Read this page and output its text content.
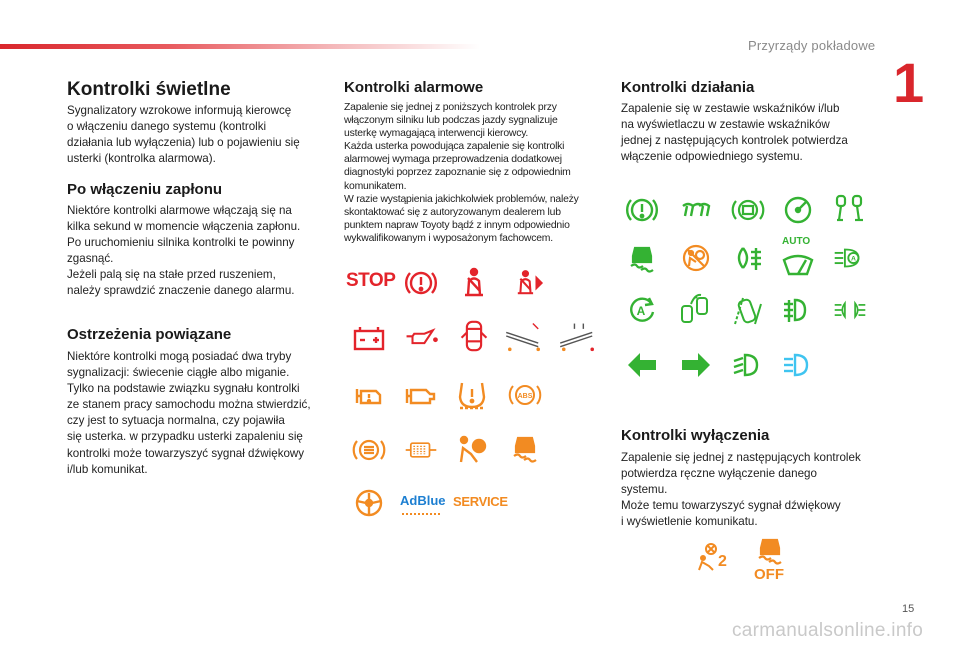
Przyrządy pokładowe
1
Kontrolki świetlne
Sygnalizatory wzrokowe informują kierowcę
o włączeniu danego systemu (kontrolki
działania lub wyłączenia) lub o pojawieniu się
usterki (kontrolka alarmowa).
Po włączeniu zapłonu
Niektóre kontrolki alarmowe włączają się na
kilka sekund w momencie włączenia zapłonu.
Po uruchomieniu silnika kontrolki te powinny
zgasnąć.
Jeżeli palą się na stałe przed ruszeniem,
należy sprawdzić znaczenie danego alarmu.
Ostrzeżenia powiązane
Niektóre kontrolki mogą posiadać dwa tryby
sygnalizacji: świecenie ciągłe albo miganie.
Tylko na podstawie związku sygnału kontrolki
ze stanem pracy samochodu można stwierdzić,
czy jest to sytuacja normalna, czy pojawiła
się usterka. w przypadku usterki zapaleniu się
kontrolki może towarzyszyć sygnał dźwiękowy
i/lub komunikat.
Kontrolki alarmowe
Zapalenie się jednej z poniższych kontrolek przy
włączonym silniku lub podczas jazdy sygnalizuje
usterkę wymagającą interwencji kierowcy.
Każda usterka powodująca zapalenie się kontrolki
alarmowej wymaga przeprowadzenia dodatkowej
diagnostyki poprzez zapoznanie się z odpowiednim
komunikatem.
W razie wystąpienia jakichkolwiek problemów, należy
skontaktować się z autoryzowanym dealerem lub
punktem napraw Toyoty bądź z innym odpowiednio
wykwalifikowanym i wyposażonym fachowcem.
STOP
ABS
AdBlue SERVICE
Kontrolki działania
Zapalenie się w zestawie wskaźników i/lub
na wyświetlaczu w zestawie wskaźników
jednej z następujących kontrolek potwierdza
włączenie odpowiedniego systemu.
AUTO
A
A
Kontrolki wyłączenia
Zapalenie się jednej z następujących kontrolek
potwierdza ręczne wyłączenie danego
systemu.
Może temu towarzyszyć sygnał dźwiękowy
i wyświetlenie komunikatu.
2
OFF
15
carmanualsonline.info
